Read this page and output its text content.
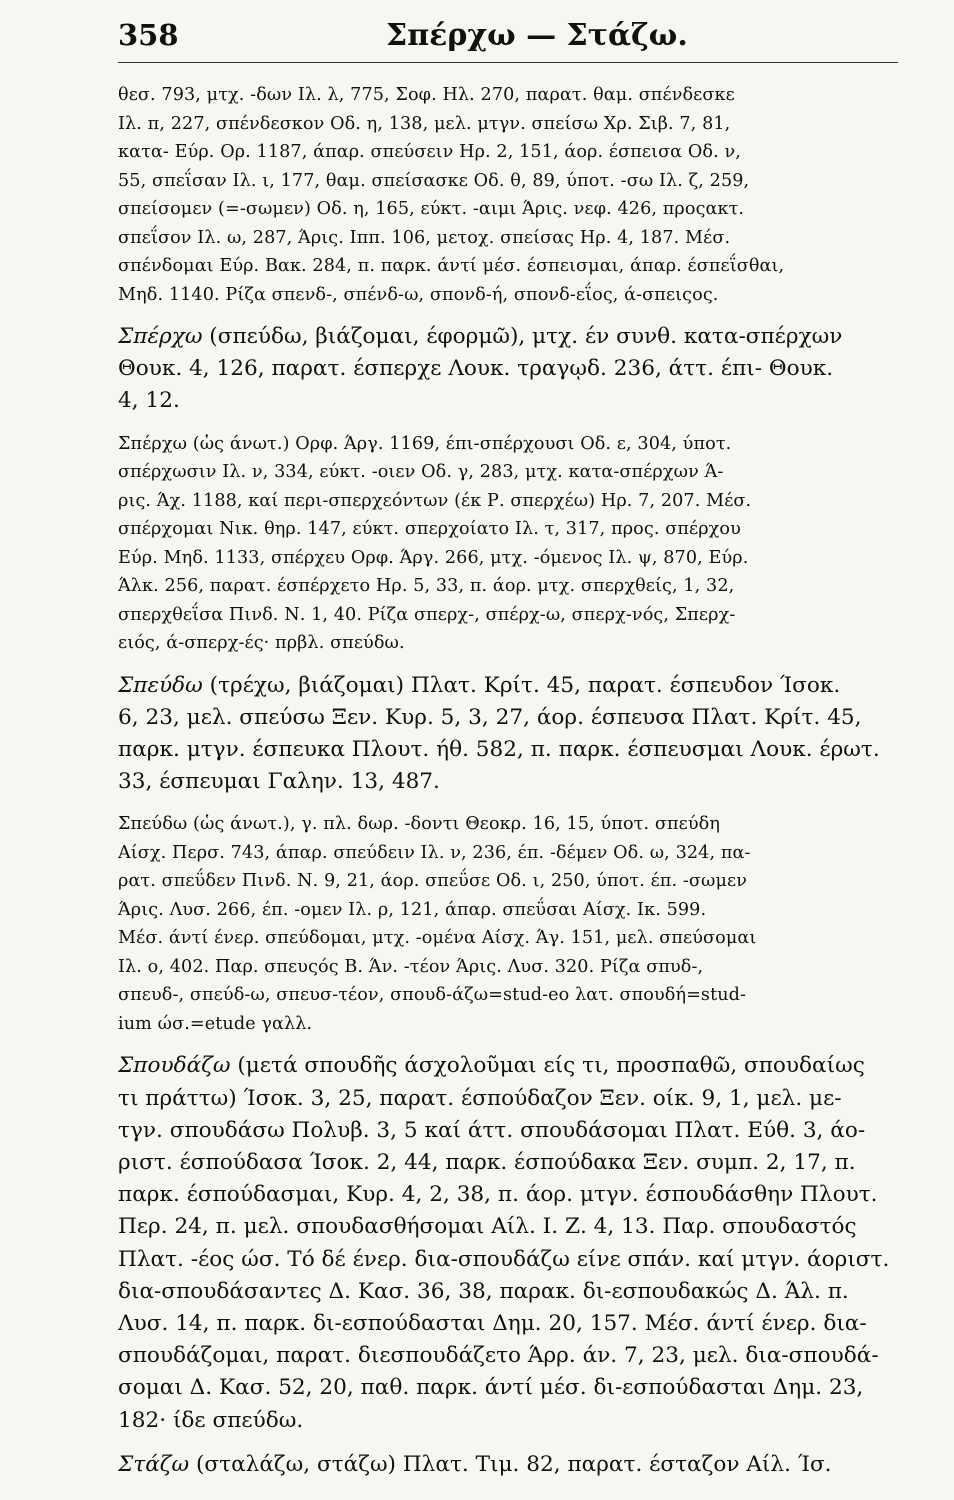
358	Σπέρχω — Στάζω.
θεσ. 793, μτχ. -δων Ιλ. λ, 775, Σοφ. Ηλ. 270, παρατ. θαμ. σπένδεσκε
Ιλ. π, 227, σπένδεσκον Οδ. η, 138, μελ. μτγν. σπείσω Χρ. Σιβ. 7, 81,
κατα- Εύρ. Ορ. 1187, άπαρ. σπεύσειν Ηρ. 2, 151, άορ. έσπεισα Οδ. ν,
55, σπεΐσαν Ιλ. ι, 177, θαμ. σπείσασκε Οδ. θ, 89, ύποτ. -σω Ιλ. ζ, 259,
σπείσομεν (=-σωμεν) Οδ. η, 165, εύκτ. -αιμι Άρις. νεφ. 426, προςακτ.
σπεΐσον Ιλ. ω, 287, Άρις. Ιππ. 106, μετοχ. σπείσας Ηρ. 4, 187. Μέσ.
σπένδομαι Εύρ. Βακ. 284, π. παρκ. άντί μέσ. έσπεισμαι, άπαρ. έσπεΐσθαι,
Μηδ. 1140. Ρίζα σπενδ-, σπένδ-ω, σπονδ-ή, σπονδ-εΐος, ά-σπειςος.
Σπέρχω (σπεύδω, βιάζομαι, έφορμῶ), μτχ. έν συνθ. κατα-σπέρχων
Θουκ. 4, 126, παρατ. έσπερχε Λουκ. τραγῳδ. 236, άττ. έπι- Θουκ.
4, 12.
Σπέρχω (ὡς άνωτ.) Ορφ. Άργ. 1169, έπι-σπέρχουσι Οδ. ε, 304, ύποτ.
σπέρχωσιν Ιλ. ν, 334, εύκτ. -οιεν Οδ. γ, 283, μτχ. κατα-σπέρχων Ά-
ρις. Άχ. 1188, καί περι-σπερχεόντων (έκ Ρ. σπερχέω) Ηρ. 7, 207. Μέσ.
σπέρχομαι Νικ. θηρ. 147, εύκτ. σπερχοίατο Ιλ. τ, 317, προς. σπέρχου
Εύρ. Μηδ. 1133, σπέρχευ Ορφ. Άργ. 266, μτχ. -όμενος Ιλ. ψ, 870, Εύρ.
Άλκ. 256, παρατ. έσπέρχετο Ηρ. 5, 33, π. άορ. μτχ. σπερχθείς, 1, 32,
σπερχθεΐσα Πινδ. Ν. 1, 40. Ρίζα σπερχ-, σπέρχ-ω, σπερχ-νός, Σπερχ-
ειός, ά-σπερχ-ές· πρβλ. σπεύδω.
Σπεύδω (τρέχω, βιάζομαι) Πλατ. Κρίτ. 45, παρατ. έσπευδον Ίσοκ.
6, 23, μελ. σπεύσω Ξεν. Κυρ. 5, 3, 27, άορ. έσπευσα Πλατ. Κρίτ. 45,
παρκ. μτγν. έσπευκα Πλουτ. ήθ. 582, π. παρκ. έσπευσμαι Λουκ. έρωτ.
33, έσπευμαι Γαλην. 13, 487.
Σπεύδω (ὡς άνωτ.), γ. πλ. δωρ. -δοντι Θεοκρ. 16, 15, ύποτ. σπεύδη
Αίσχ. Περσ. 743, άπαρ. σπεύδειν Ιλ. ν, 236, έπ. -δέμεν Οδ. ω, 324, πα-
ρατ. σπεΰδεν Πινδ. Ν. 9, 21, άορ. σπεΰσε Οδ. ι, 250, ύποτ. έπ. -σωμεν
Άρις. Λυσ. 266, έπ. -ομεν Ιλ. ρ, 121, άπαρ. σπεΰσαι Αίσχ. Ικ. 599.
Μέσ. άντί ένερ. σπεύδομαι, μτχ. -ομένα Αίσχ. Άγ. 151, μελ. σπεύσομαι
Ιλ. ο, 402. Παρ. σπευςός Β. Άν. -τέον Άρις. Λυσ. 320. Ρίζα σπυδ-,
σπευδ-, σπεύδ-ω, σπευσ-τέον, σπουδ-άζω=stud-eo λατ. σπουδή=stud-
ium ώσ.=etude γαλλ.
Σπουδάζω (μετά σπουδῆς άσχολοῦμαι είς τι, προσπαθῶ, σπουδαίως
τι πράττω) Ίσοκ. 3, 25, παρατ. έσπούδαζον Ξεν. οίκ. 9, 1, μελ. με-
τγν. σπουδάσω Πολυβ. 3, 5 καί άττ. σπουδάσομαι Πλατ. Εύθ. 3, άο-
ριστ. έσπούδασα Ίσοκ. 2, 44, παρκ. έσπούδακα Ξεν. συμπ. 2, 17, π.
παρκ. έσπούδασμαι, Κυρ. 4, 2, 38, π. άορ. μτγν. έσπουδάσθην Πλουτ.
Περ. 24, π. μελ. σπουδασθήσομαι Αίλ. Ι. Ζ. 4, 13. Παρ. σπουδαστός
Πλατ. -έος ώσ. Τό δέ ένερ. δια-σπουδάζω είνε σπάν. καί μτγν. άοριστ.
δια-σπουδάσαντες Δ. Κασ. 36, 38, παρακ. δι-εσπουδακώς Δ. Άλ. π.
Λυσ. 14, π. παρκ. δι-εσπούδασται Δημ. 20, 157. Μέσ. άντί ένερ. δια-
σπουδάζομαι, παρατ. διεσπουδάζετο Άρρ. άν. 7, 23, μελ. δια-σπουδά-
σομαι Δ. Κασ. 52, 20, παθ. παρκ. άντί μέσ. δι-εσπούδασται Δημ. 23,
182· ίδε σπεύδω.
Στάζω (σταλάζω, στάζω) Πλατ. Τιμ. 82, παρατ. έσταζον Αίλ. Ίσ.
